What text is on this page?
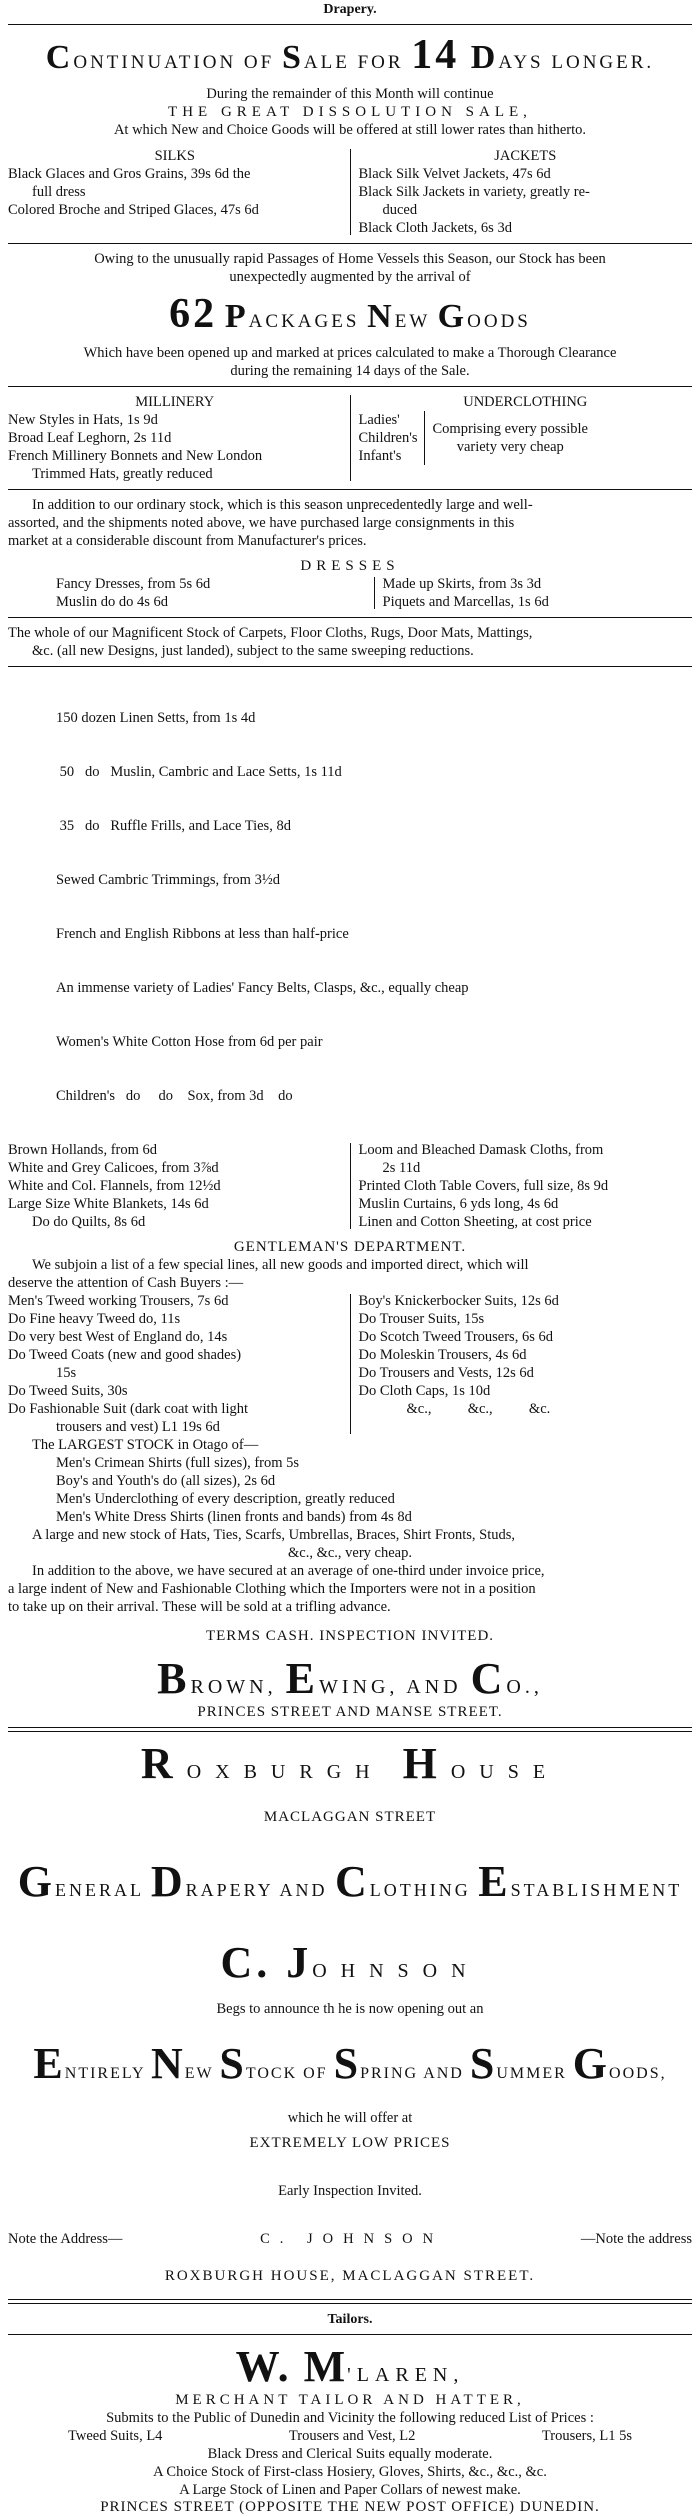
Drapery.
CONTINUATION OF SALE FOR 14 DAYS LONGER.
During the remainder of this Month will continue
THE GREAT DISSOLUTION SALE,
At which New and Choice Goods will be offered at still lower rates than hitherto.
SILKS
Black Glaces and Gros Grains, 39s 6d the
full dress
Colored Broche and Striped Glaces, 47s 6d
JACKETS
Black Silk Velvet Jackets, 47s 6d
Black Silk Jackets in variety, greatly re-
duced
Black Cloth Jackets, 6s 3d
Owing to the unusually rapid Passages of Home Vessels this Season, our Stock has been
unexpectedly augmented by the arrival of
62 PACKAGES NEW GOODS
Which have been opened up and marked at prices calculated to make a Thorough Clearance
during the remaining 14 days of the Sale.
MILLINERY
New Styles in Hats, 1s 9d
Broad Leaf Leghorn, 2s 11d
French Millinery Bonnets and New London
Trimmed Hats, greatly reduced
UNDERCLOTHING
Ladies'
Children's
Infant's
Comprising every possible
variety very cheap
In addition to our ordinary stock, which is this season unprecedentedly large and well-
assorted, and the shipments noted above, we have purchased large consignments in this
market at a considerable discount from Manufacturer's prices.
DRESSES
Fancy Dresses, from 5s 6d
Muslin do do 4s 6d
Made up Skirts, from 3s 3d
Piquets and Marcellas, 1s 6d
The whole of our Magnificent Stock of Carpets, Floor Cloths, Rugs, Door Mats, Mattings,
&c. (all new Designs, just landed), subject to the same sweeping reductions.

150 dozen Linen Setts, from 1s 4d

50   do   Muslin, Cambric and Lace Setts, 1s 11d

35   do   Ruffle Frills, and Lace Ties, 8d

Sewed Cambric Trimmings, from 3½d

French and English Ribbons at less than half-price

An immense variety of Ladies' Fancy Belts, Clasps, &c., equally cheap

Women's White Cotton Hose from 6d per pair

Children's   do     do    Sox, from 3d    do

Brown Hollands, from 6d
White and Grey Calicoes, from 3⅞d
White and Col. Flannels, from 12½d
Large Size White Blankets, 14s 6d
Do do Quilts, 8s 6d
Loom and Bleached Damask Cloths, from
2s 11d
Printed Cloth Table Covers, full size, 8s 9d
Muslin Curtains, 6 yds long, 4s 6d
Linen and Cotton Sheeting, at cost price
GENTLEMAN'S DEPARTMENT.
We subjoin a list of a few special lines, all new goods and imported direct, which will
deserve the attention of Cash Buyers :—
Men's Tweed working Trousers, 7s 6d
Do Fine heavy Tweed do, 11s
Do very best West of England do, 14s
Do Tweed Coats (new and good shades)
15s
Do Tweed Suits, 30s
Do Fashionable Suit (dark coat with light
trousers and vest) L1 19s 6d
Boy's Knickerbocker Suits, 12s 6d
Do Trouser Suits, 15s
Do Scotch Tweed Trousers, 6s 6d
Do Moleskin Trousers, 4s 6d
Do Trousers and Vests, 12s 6d
Do Cloth Caps, 1s 10d
&c.,          &c.,          &c.
The LARGEST STOCK in Otago of—
Men's Crimean Shirts (full sizes), from 5s
Boy's and Youth's do (all sizes), 2s 6d
Men's Underclothing of every description, greatly reduced
Men's White Dress Shirts (linen fronts and bands) from 4s 8d
A large and new stock of Hats, Ties, Scarfs, Umbrellas, Braces, Shirt Fronts, Studs,
&c., &c., very cheap.
In addition to the above, we have secured at an average of one-third under invoice price,
a large indent of New and Fashionable Clothing which the Importers were not in a position
to take up on their arrival. These will be sold at a trifling advance.
TERMS CASH. INSPECTION INVITED.
BROWN, EWING, AND CO.,
PRINCES STREET AND MANSE STREET.
ROXBURGH HOUSE
MACLAGGAN STREET
GENERAL DRAPERY AND CLOTHING ESTABLISHMENT
C. JOHNSON
Begs to announce th he is now opening out an
ENTIRELY NEW STOCK OF SPRING AND SUMMER GOODS,
which he will offer at
EXTREMELY LOW PRICES
Early Inspection Invited.
Note the Address—	C. JOHNSON	—Note the address
ROXBURGH HOUSE, MACLAGGAN STREET.
Tailors.
W. M'LAREN,
MERCHANT TAILOR AND HATTER,
Submits to the Public of Dunedin and Vicinity the following reduced List of Prices :
Tweed Suits, L4	Trousers and Vest, L2	Trousers, L1 5s
Black Dress and Clerical Suits equally moderate.
A Choice Stock of First-class Hosiery, Gloves, Shirts, &c., &c., &c.
A Large Stock of Linen and Paper Collars of newest make.
PRINCES STREET (OPPOSITE THE NEW POST OFFICE) DUNEDIN.
